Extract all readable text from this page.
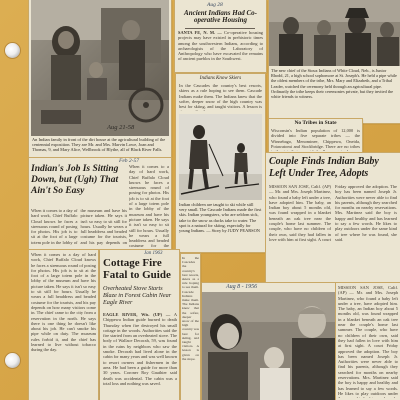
Aug 21-58
An Indian family in front of the dirt house at the agricultural building of the centennial exposition. They are Mr. and Mrs. Marvin Lowe, Joan and Thomas, 9, and Mary Alice, Wellbrook of Blythe, all of Black River Falls.
Aug 28
Ancient Indians Had Co-operative Housing
SANTA FE, N. M. — Co-operative housing projects may have existed in prehistoric times among the southwestern Indians, according to archaeologists of the Laboratory of Anthropology who have excavated the remains of ancient pueblos in the Southwest.
Indians Know Skiers
In the Cascades the country's best resorts, skiers as a rule hoping to see them. Cascade Indians make them. The Indians knew that the softer, deeper snow of the high country was best for skiing, and taught visitors. A lesson is
Indian children are taught to ski while still very small. The Cascade Indians made the first skis. Indian youngsters, who are seldom sick, take to the snow as ducks take to water. The spot is a natural for skiing, especially for young Indians. — Story by JUDY PEARSON
The new chief of the Sioux Indians of White Cloud, Neb., is Junior Rhodd, 21, a high school sophomore at St. Joseph's. He held a pipe while the oldest members of the tribe, Mrs. Mary and Elizabeth, and a Tribal Leader, watched the ceremony held through an agricultural pipe. Ordinarily the tribe keeps their ceremonies private, but they invited the white friends to witness.
No Tribes in State
Wisconsin's Indian population of 12,000 is divided into five separate tribes — the Winnebago, Menominee, Chippewa, Oneida, Potawatomi and Stockbridge. There are no tribes
Feb 2-57
Indian's Job Is Sitting Down, but (Ugh) That Ain't So Easy
When it comes to a day of hard work, Chief Buffalo Cloud knows he faces a strenuous round of posing for photos. His job is to sit at the foot of a large totem pole in the lobby of the museum and have his picture taken. He says it isn't so easy to sit still for hours. Usually he wears a full headdress and beaded costume for the tourists, and his pay depends on
When it comes to a day of hard work, Chief Buffalo Cloud knows he faces a strenuous round of posing for photos. His job is to sit at the foot of a large totem pole in the lobby of the museum and have his picture taken. He says it isn't so easy to sit still for hours. Usually he wears a full headdress and beaded costume for the
Jan 1963
Cottage Fire Fatal to Guide
Overheated Stove Starts Blaze in Forest Cabin Near Eagle River
EAGLE RIVER, Wis. (UP) — A Chippewa Indian guide burned to death Thursday when fire destroyed his small cottage in the woods. Authorities said the fire started from an overheated stove. The body of Wallace Decorah, 59, was found in the ruins by neighbors who saw the smoke. Decorah had lived alone in the cabin for many years and was well known to resort owners and fishermen in the area. He had been a guide for more than 30 years. Coroner Roy Gauthier said death was accidental. The cabin was a total loss and nothing was saved.
When it comes to a day of hard work, Chief Buffalo Cloud knows he faces a strenuous round of posing for photos. His job is to sit at the foot of a large totem pole in the lobby of the museum and have his picture taken. He says it isn't so easy to sit still for hours. Usually he wears a full headdress and beaded costume for the tourists, and his pay depends on how many visitors come in. The chief came to the city from a reservation in the north. He says there is one thing he doesn't like about his job. He can't smoke his pipe while on duty. The museum rules forbid it, and the chief has learned to live without tobacco during the day.
Couple Finds Indian Baby Left Under Tree, Adopts
MISSION SAN JOSE, Calif. (AP) — Mr. and Mrs. Joseph Martinez, who found a baby left under a tree, have adopted him. The baby, an Indian boy about 5 months old, was found wrapped in a blanket beneath an oak tree near the couple's home last summer. The couple, who have no children of their own, said they had fallen in love with him at first sight. A court Friday approved the adoption. The boy has been named Joseph Jr. Authorities were never able to find his parents, although they searched for months on nearby reservations. Mrs. Martinez said the boy is happy and healthy and has learned to say a few words. He likes to play outdoors under the same kind of tree where he was found, she said.
Aug 8 - 1956	MISSION SAN JOSE, Calif. (AP) — Mr. and Mrs. Joseph Martinez, who found a baby left under a tree, have adopted him. The baby, an Indian boy about 5 months old, was found wrapped in a blanket beneath an oak tree near the couple's home last summer. The couple, who have no children of their own, said they had fallen in love with him at first sight. A court Friday approved the adoption. The boy has been named Joseph Jr. Authorities were never able to find his parents, although they searched for months on nearby reservations. Mrs. Martinez said the boy is happy and healthy and has learned to say a few words. He likes to play outdoors under
In the Cascades the country's best resorts, skiers as a rule hoping to see them. Cascade Indians make them. The Indians knew that the softer, deeper snow of the high country was best for skiing, and taught visitors. A lesson is given on the slope.
